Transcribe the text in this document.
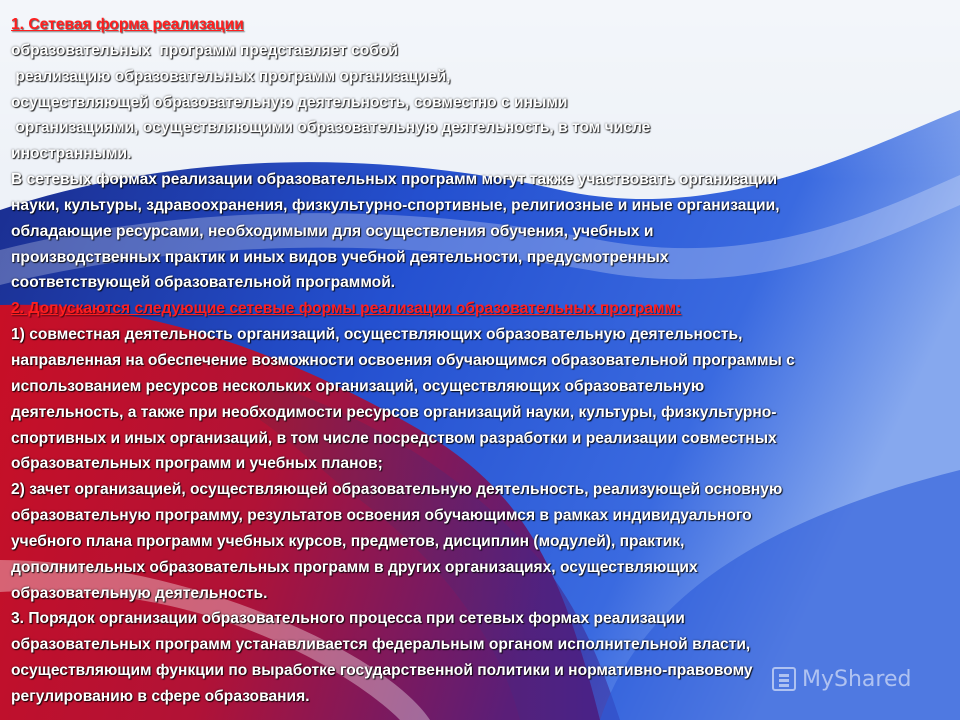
1. Сетевая форма реализации
образовательных  программ представляет собой
реализацию образовательных программ организацией,
осуществляющей образовательную деятельность, совместно с иными
организациями, осуществляющими образовательную деятельность, в том числе
иностранными.
В сетевых формах реализации образовательных программ могут также участвовать организации
науки, культуры, здравоохранения, физкультурно-спортивные, религиозные и иные организации,
обладающие ресурсами, необходимыми для осуществления обучения, учебных и
производственных практик и иных видов учебной деятельности, предусмотренных
соответствующей образовательной программой.
2. Допускаются следующие сетевые формы реализации образовательных программ:
1) совместная деятельность организаций, осуществляющих образовательную деятельность,
направленная на обеспечение возможности освоения обучающимся образовательной программы с
использованием ресурсов нескольких организаций, осуществляющих образовательную
деятельность, а также при необходимости ресурсов организаций науки, культуры, физкультурно-
спортивных и иных организаций, в том числе посредством разработки и реализации совместных
образовательных программ и учебных планов;
2) зачет организацией, осуществляющей образовательную деятельность, реализующей основную
образовательную программу, результатов освоения обучающимся в рамках индивидуального
учебного плана программ учебных курсов, предметов, дисциплин (модулей), практик,
дополнительных образовательных программ в других организациях, осуществляющих
образовательную деятельность.
3. Порядок организации образовательного процесса при сетевых формах реализации
образовательных программ устанавливается федеральным органом исполнительной власти,
осуществляющим функции по выработке государственной политики и нормативно-правовому
регулированию в сфере образования.
MyShared
